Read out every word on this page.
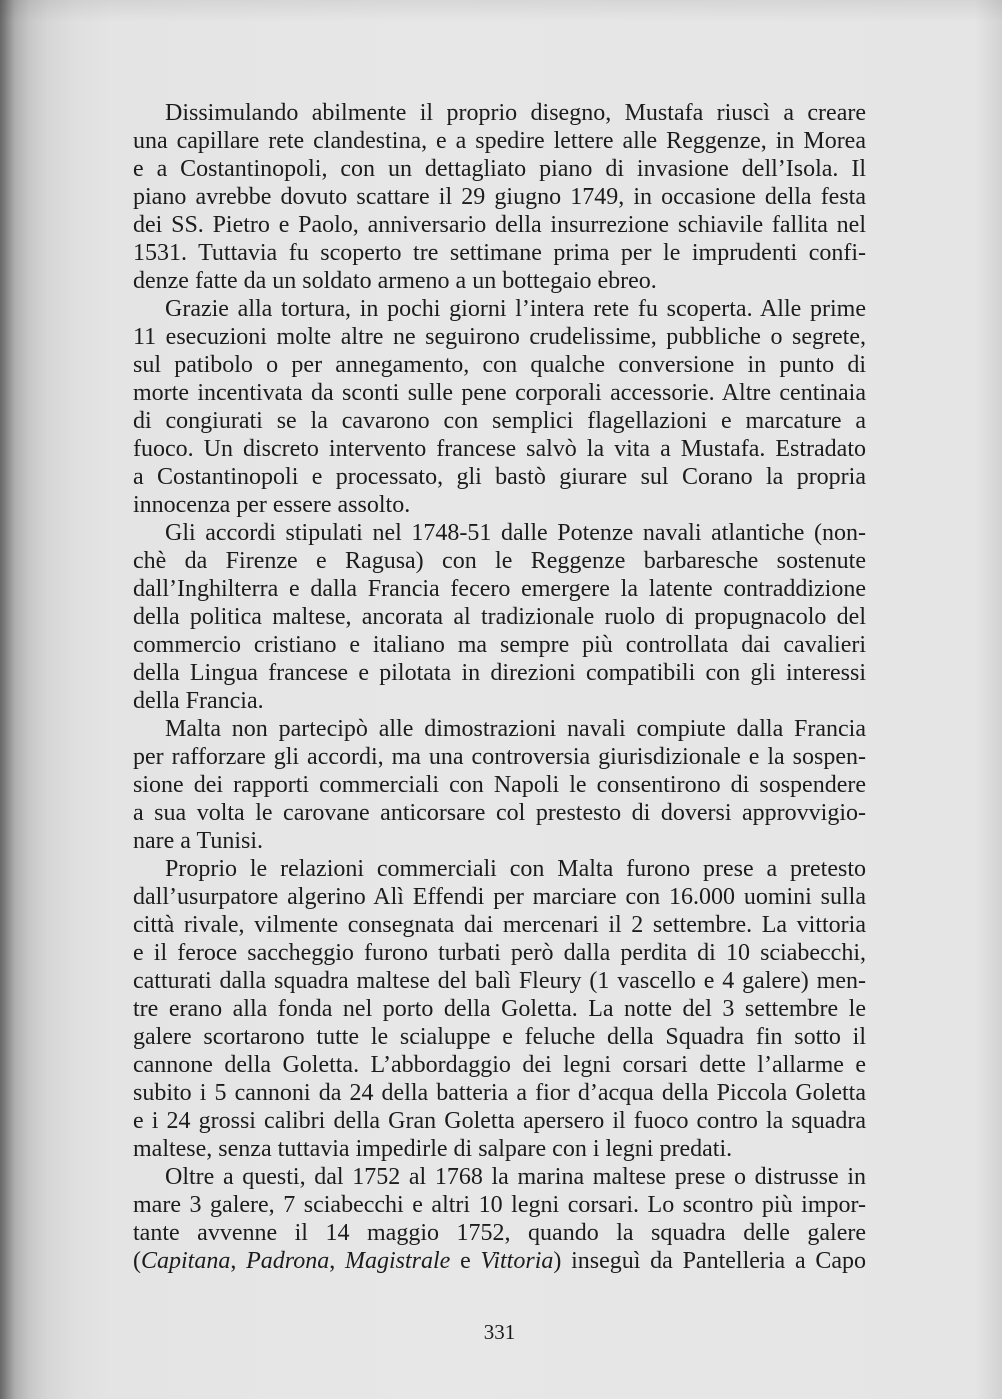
Dissimulando abilmente il proprio disegno, Mustafa riuscì a creare
una capillare rete clandestina, e a spedire lettere alle Reggenze, in Morea
e a Costantinopoli, con un dettagliato piano di invasione dell’Isola. Il
piano avrebbe dovuto scattare il 29 giugno 1749, in occasione della festa
dei SS. Pietro e Paolo, anniversario della insurrezione schiavile fallita nel
1531. Tuttavia fu scoperto tre settimane prima per le imprudenti confi-
denze fatte da un soldato armeno a un bottegaio ebreo.
Grazie alla tortura, in pochi giorni l’intera rete fu scoperta. Alle prime
11 esecuzioni molte altre ne seguirono crudelissime, pubbliche o segrete,
sul patibolo o per annegamento, con qualche conversione in punto di
morte incentivata da sconti sulle pene corporali accessorie. Altre centinaia
di congiurati se la cavarono con semplici flagellazioni e marcature a
fuoco. Un discreto intervento francese salvò la vita a Mustafa. Estradato
a Costantinopoli e processato, gli bastò giurare sul Corano la propria
innocenza per essere assolto.
Gli accordi stipulati nel 1748-51 dalle Potenze navali atlantiche (non-
chè da Firenze e Ragusa) con le Reggenze barbaresche sostenute
dall’Inghilterra e dalla Francia fecero emergere la latente contraddizione
della politica maltese, ancorata al tradizionale ruolo di propugnacolo del
commercio cristiano e italiano ma sempre più controllata dai cavalieri
della Lingua francese e pilotata in direzioni compatibili con gli interessi
della Francia.
Malta non partecipò alle dimostrazioni navali compiute dalla Francia
per rafforzare gli accordi, ma una controversia giurisdizionale e la sospen-
sione dei rapporti commerciali con Napoli le consentirono di sospendere
a sua volta le carovane anticorsare col prestesto di doversi approvvigio-
nare a Tunisi.
Proprio le relazioni commerciali con Malta furono prese a pretesto
dall’usurpatore algerino Alì Effendi per marciare con 16.000 uomini sulla
città rivale, vilmente consegnata dai mercenari il 2 settembre. La vittoria
e il feroce saccheggio furono turbati però dalla perdita di 10 sciabecchi,
catturati dalla squadra maltese del balì Fleury (1 vascello e 4 galere) men-
tre erano alla fonda nel porto della Goletta. La notte del 3 settembre le
galere scortarono tutte le scialuppe e feluche della Squadra fin sotto il
cannone della Goletta. L’abbordaggio dei legni corsari dette l’allarme e
subito i 5 cannoni da 24 della batteria a fior d’acqua della Piccola Goletta
e i 24 grossi calibri della Gran Goletta apersero il fuoco contro la squadra
maltese, senza tuttavia impedirle di salpare con i legni predati.
Oltre a questi, dal 1752 al 1768 la marina maltese prese o distrusse in
mare 3 galere, 7 sciabecchi e altri 10 legni corsari. Lo scontro più impor-
tante avvenne il 14 maggio 1752, quando la squadra delle galere
(Capitana, Padrona, Magistrale e Vittoria) inseguì da Pantelleria a Capo
331
